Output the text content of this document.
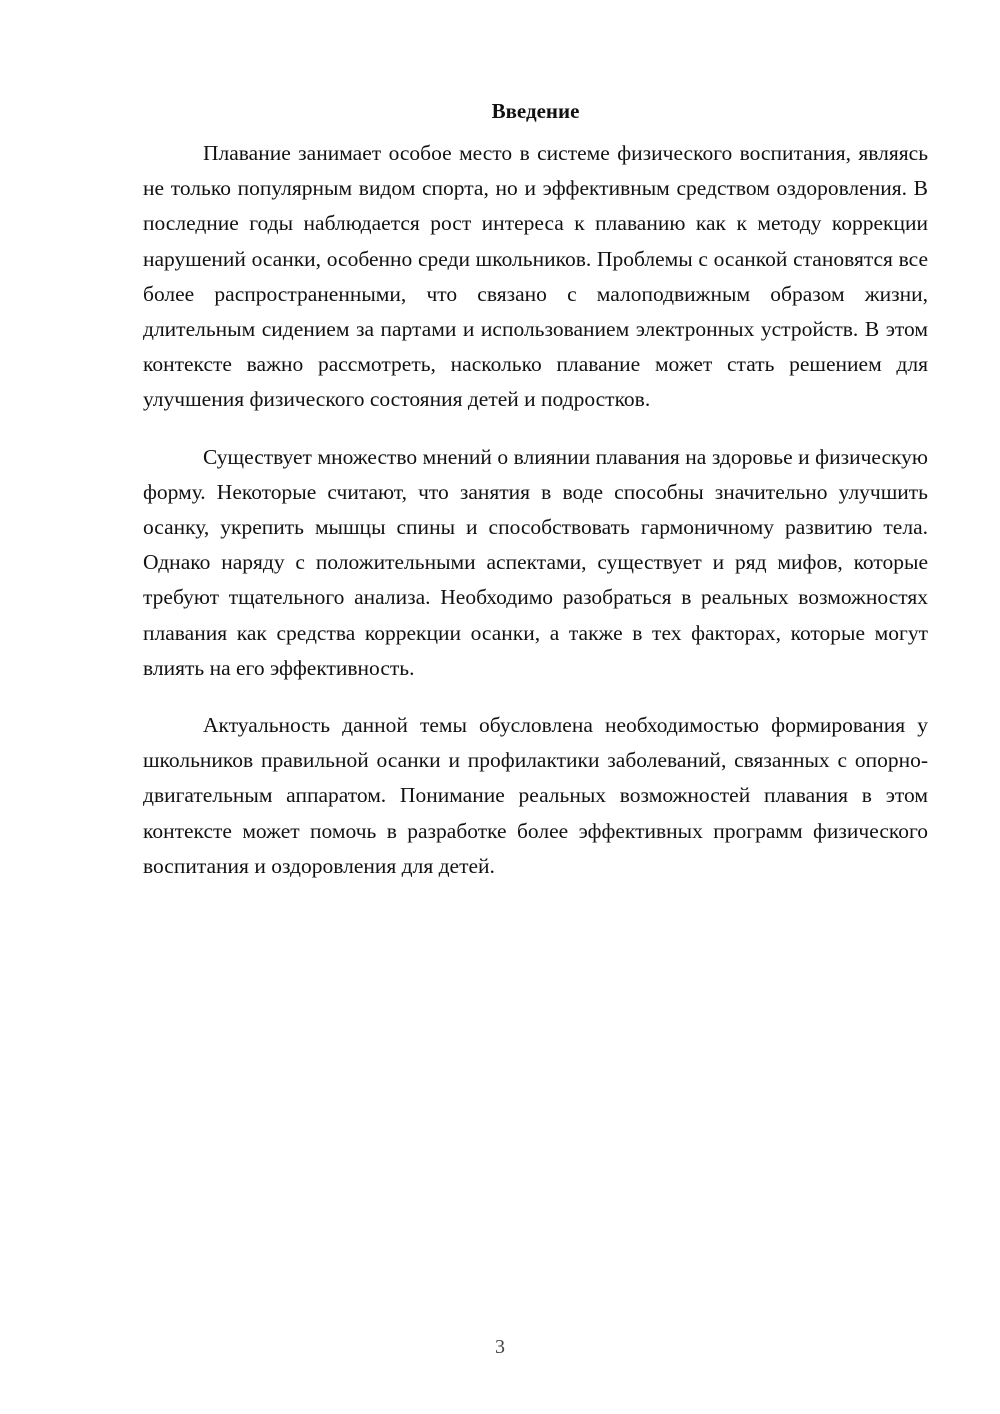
Введение

Плавание занимает особое место в системе физического воспитания, являясь не только популярным видом спорта, но и эффективным средством оздоровления. В последние годы наблюдается рост интереса к плаванию как к методу коррекции нарушений осанки, особенно среди школьников. Проблемы с осанкой становятся все более распространенными, что связано с малоподвижным образом жизни, длительным сидением за партами и использованием электронных устройств. В этом контексте важно рассмотреть, насколько плавание может стать решением для улучшения физического состояния детей и подростков.

Существует множество мнений о влиянии плавания на здоровье и физическую форму. Некоторые считают, что занятия в воде способны значительно улучшить осанку, укрепить мышцы спины и способствовать гармоничному развитию тела. Однако наряду с положительными аспектами, существует и ряд мифов, которые требуют тщательного анализа. Необходимо разобраться в реальных возможностях плавания как средства коррекции осанки, а также в тех факторах, которые могут влиять на его эффективность.

Актуальность данной темы обусловлена необходимостью формирования у школьников правильной осанки и профилактики заболеваний, связанных с опорно-двигательным аппаратом. Понимание реальных возможностей плавания в этом контексте может помочь в разработке более эффективных программ физического воспитания и оздоровления для детей.

3
